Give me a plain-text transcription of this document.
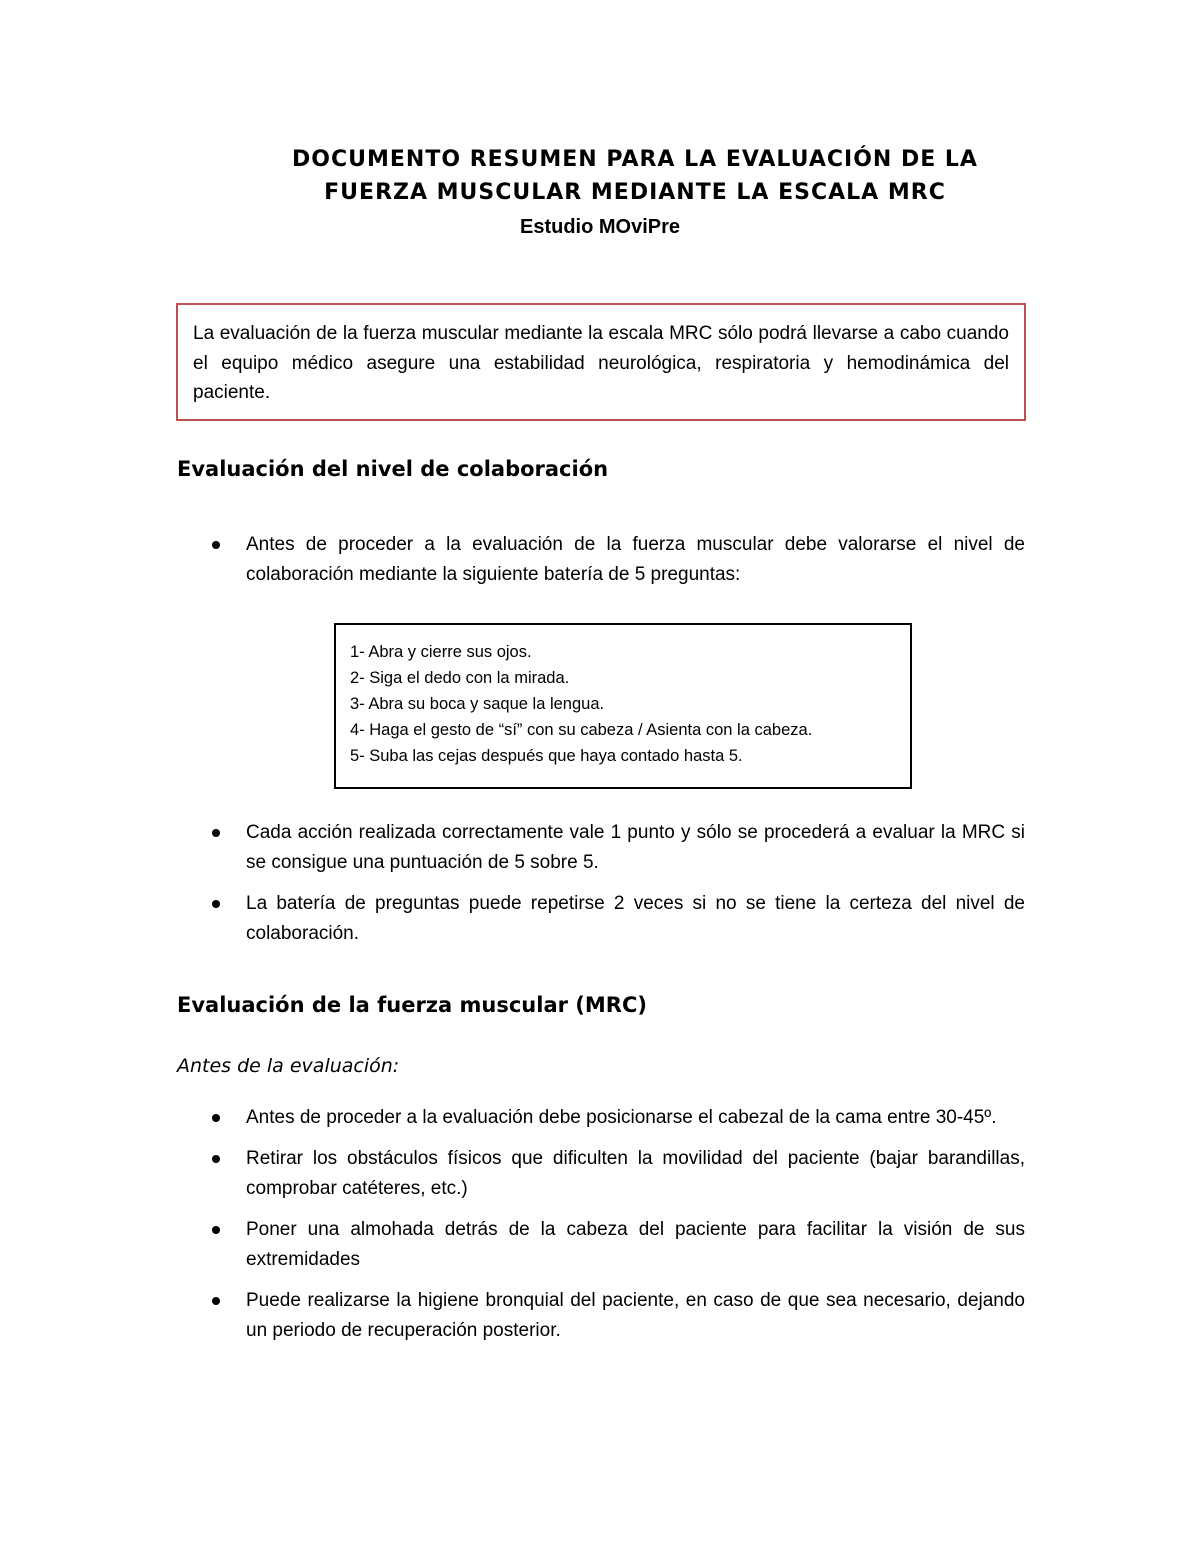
DOCUMENTO RESUMEN PARA LA EVALUACIÓN DE LA
FUERZA MUSCULAR MEDIANTE LA ESCALA MRC

Estudio MOviPre

La evaluación de la fuerza muscular mediante la escala MRC sólo podrá llevarse a cabo cuando el equipo médico asegure una estabilidad neurológica, respiratoria y hemodinámica del paciente.
Evaluación del nivel de colaboración
Antes de proceder a la evaluación de la fuerza muscular debe valorarse el nivel de colaboración mediante la siguiente batería de 5 preguntas:
1- Abra y cierre sus ojos.
2- Siga el dedo con la mirada.
3- Abra su boca y saque la lengua.
4- Haga el gesto de “sí” con su cabeza / Asienta con la cabeza.
5- Suba las cejas después que haya contado hasta 5.
Cada acción realizada correctamente vale 1 punto y sólo se procederá a evaluar la MRC si se consigue una puntuación de 5 sobre 5.
La batería de preguntas puede repetirse 2 veces si no se tiene la certeza del nivel de colaboración.
Evaluación de la fuerza muscular (MRC)

Antes de la evaluación:

Antes de proceder a la evaluación debe posicionarse el cabezal de la cama entre 30-45º.
Retirar los obstáculos físicos que dificulten la movilidad del paciente (bajar barandillas, comprobar catéteres, etc.)
Poner una almohada detrás de la cabeza del paciente para facilitar la visión de sus extremidades
Puede realizarse la higiene bronquial del paciente, en caso de que sea necesario, dejando un periodo de recuperación posterior.
